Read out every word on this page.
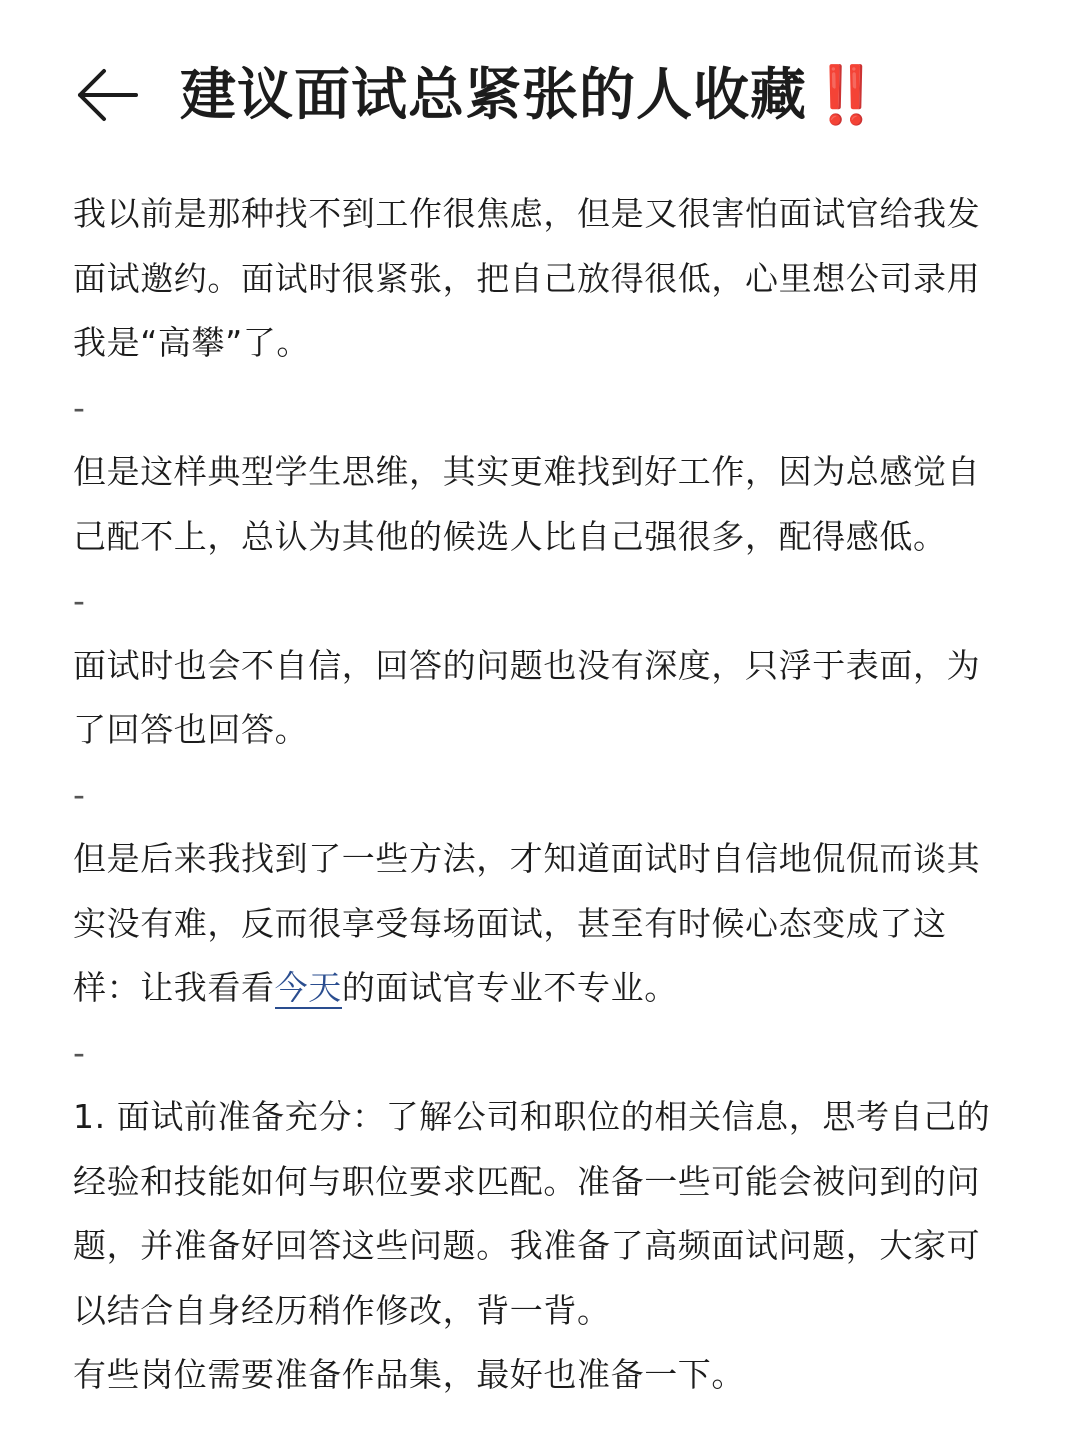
建议面试总紧张的人收藏‼️

我以前是那种找不到工作很焦虑，但是又很害怕面试官给我发面试邀约。面试时很紧张，把自己放得很低，心里想公司录用我是“高攀”了。

-

但是这样典型学生思维，其实更难找到好工作，因为总感觉自己配不上，总认为其他的候选人比自己强很多，配得感低。

-

面试时也会不自信，回答的问题也没有深度，只浮于表面，为了回答也回答。

-

但是后来我找到了一些方法，才知道面试时自信地侃侃而谈其实没有难，反而很享受每场面试，甚至有时候心态变成了这样：让我看看今天的面试官专业不专业。

-

1. 面试前准备充分：了解公司和职位的相关信息，思考自己的经验和技能如何与职位要求匹配。准备一些可能会被问到的问题，并准备好回答这些问题。我准备了高频面试问题，大家可以结合自身经历稍作修改，背一背。

有些岗位需要准备作品集，最好也准备一下。
